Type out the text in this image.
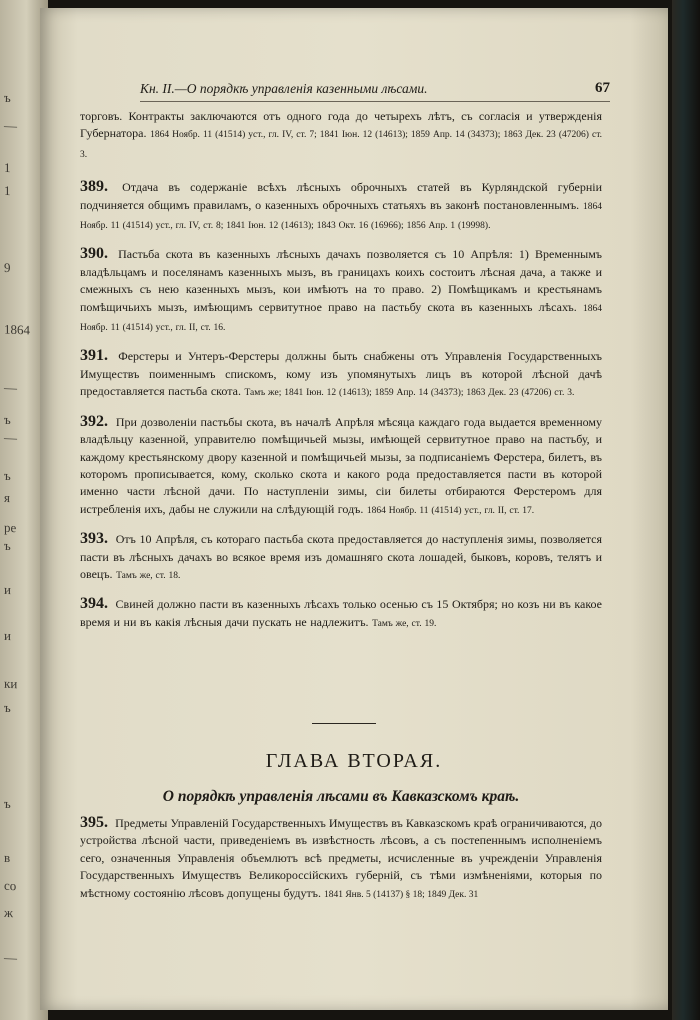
ъ
—
1
1
9
1864
—
ъ
—
ъ
я
ре
ъ
и
и
ки
ъ
ъ
в
со
ж
—
Кн. II.—О порядкѣ управленія казенными лѣсами.	67

торговъ. Контракты заключаются отъ одного года до четырехъ лѣтъ, съ согласія и утвержденія Губернатора. 1864 Ноябр. 11 (41514) уст., гл. IV, ст. 7; 1841 Іюн. 12 (14613); 1859 Апр. 14 (34373); 1863 Дек. 23 (47206) ст. 3.

389. Отдача въ содержаніе всѣхъ лѣсныхъ оброчныхъ статей въ Курляндской губерніи подчиняется общимъ правиламъ, о казенныхъ оброчныхъ статьяхъ въ законѣ постановленнымъ. 1864 Ноябр. 11 (41514) уст., гл. IV, ст. 8; 1841 Іюн. 12 (14613); 1843 Окт. 16 (16966); 1856 Апр. 1 (19998).

390. Пастьба скота въ казенныхъ лѣсныхъ дачахъ позволяется съ 10 Апрѣля: 1) Временнымъ владѣльцамъ и поселянамъ казенныхъ мызъ, въ границахъ коихъ состоитъ лѣсная дача, а также и смежныхъ съ нею казенныхъ мызъ, кои имѣютъ на то право. 2) Помѣщикамъ и крестьянамъ помѣщичьихъ мызъ, имѣющимъ сервитутное право на пастьбу скота въ казенныхъ лѣсахъ. 1864 Ноябр. 11 (41514) уст., гл. II, ст. 16.

391. Ферстеры и Унтеръ-Ферстеры должны быть снабжены отъ Управленія Государственныхъ Имуществъ поименнымъ спискомъ, кому изъ упомянутыхъ лицъ въ которой лѣсной дачѣ предоставляется пастьба скота. Тамъ же; 1841 Іюн. 12 (14613); 1859 Апр. 14 (34373); 1863 Дек. 23 (47206) ст. 3.

392. При дозволеніи пастьбы скота, въ началѣ Апрѣля мѣсяца каждаго года выдается временному владѣльцу казенной, управителю помѣщичьей мызы, имѣющей сервитутное право на пастьбу, и каждому крестьянскому двору казенной и помѣщичьей мызы, за подписаніемъ Ферстера, билетъ, въ которомъ прописывается, кому, сколько скота и какого рода предоставляется пасти въ которой именно части лѣсной дачи. По наступленіи зимы, сіи билеты отбираются Ферстеромъ для истребленія ихъ, дабы не служили на слѣдующій годъ. 1864 Ноябр. 11 (41514) уст., гл. II, ст. 17.

393. Отъ 10 Апрѣля, съ котораго пастьба скота предоставляется до наступленія зимы, позволяется пасти въ лѣсныхъ дачахъ во всякое время изъ домашняго скота лошадей, быковъ, коровъ, телятъ и овецъ. Тамъ же, ст. 18.

394. Свиней должно пасти въ казенныхъ лѣсахъ только осенью съ 15 Октября; но козъ ни въ какое время и ни въ какія лѣсныя дачи пускать не надлежитъ. Тамъ же, ст. 19.

ГЛАВА ВТОРАЯ.
О порядкѣ управленія лѣсами въ Кавказскомъ краѣ.

395. Предметы Управленій Государственныхъ Имуществъ въ Кавказскомъ краѣ ограничиваются, до устройства лѣсной части, приведеніемъ въ извѣстность лѣсовъ, а съ постепеннымъ исполненіемъ сего, означенныя Управленія объемлютъ всѣ предметы, исчисленные въ учрежденіи Управленія Государственныхъ Имуществъ Великороссійскихъ губерній, съ тѣми измѣненіями, которыя по мѣстному состоянію лѣсовъ допущены будутъ. 1841 Янв. 5 (14137) § 18; 1849 Дек. 31
